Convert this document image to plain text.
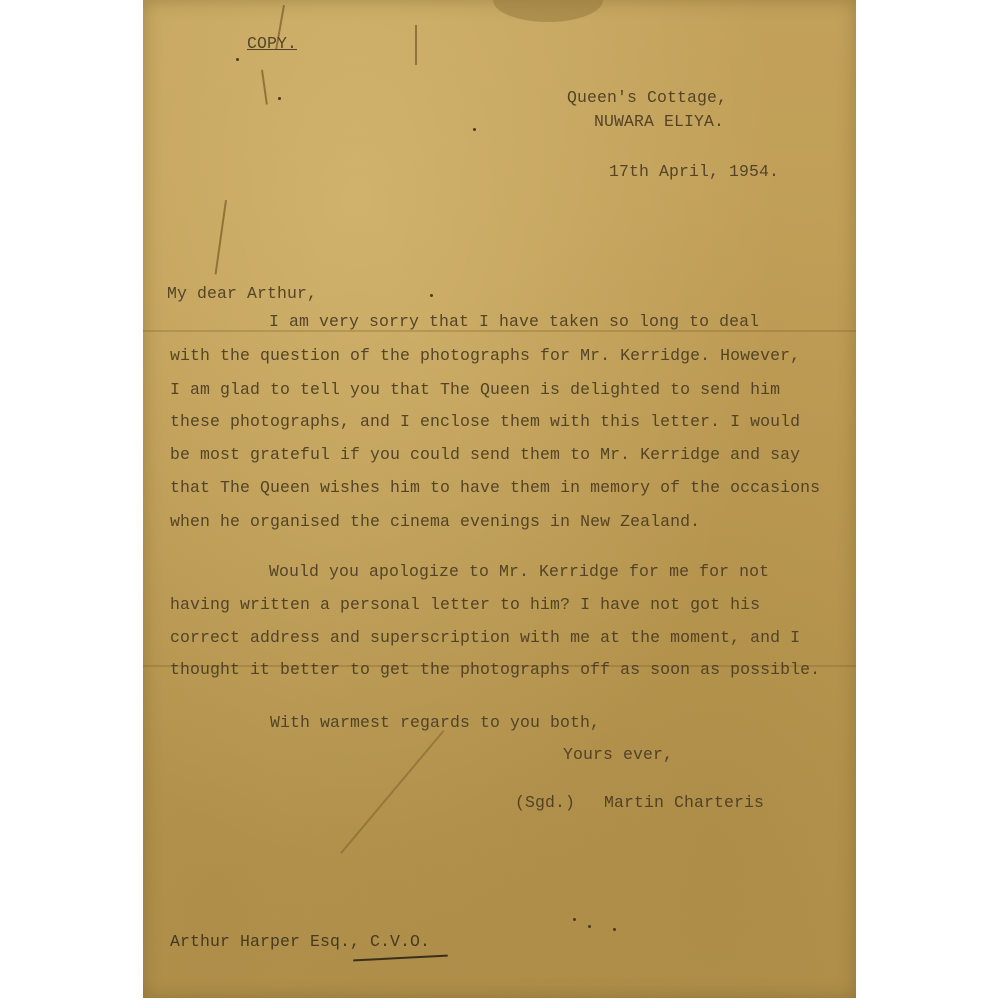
COPY.
Queen's Cottage,
NUWARA ELIYA.
17th April, 1954.
My dear Arthur,
I am very sorry that I have taken so long to deal
with the question of the photographs for Mr. Kerridge. However,
I am glad to tell you that The Queen is delighted to send him
these photographs, and I enclose them with this letter. I would
be most grateful if you could send them to Mr. Kerridge and say
that The Queen wishes him to have them in memory of the occasions
when he organised the cinema evenings in New Zealand.
Would you apologize to Mr. Kerridge for me for not
having written a personal letter to him? I have not got his
correct address and superscription with me at the moment, and I
thought it better to get the photographs off as soon as possible.
With warmest regards to you both,
Yours ever,
(Sgd.) Martin Charteris
Arthur Harper Esq., C.V.O.
